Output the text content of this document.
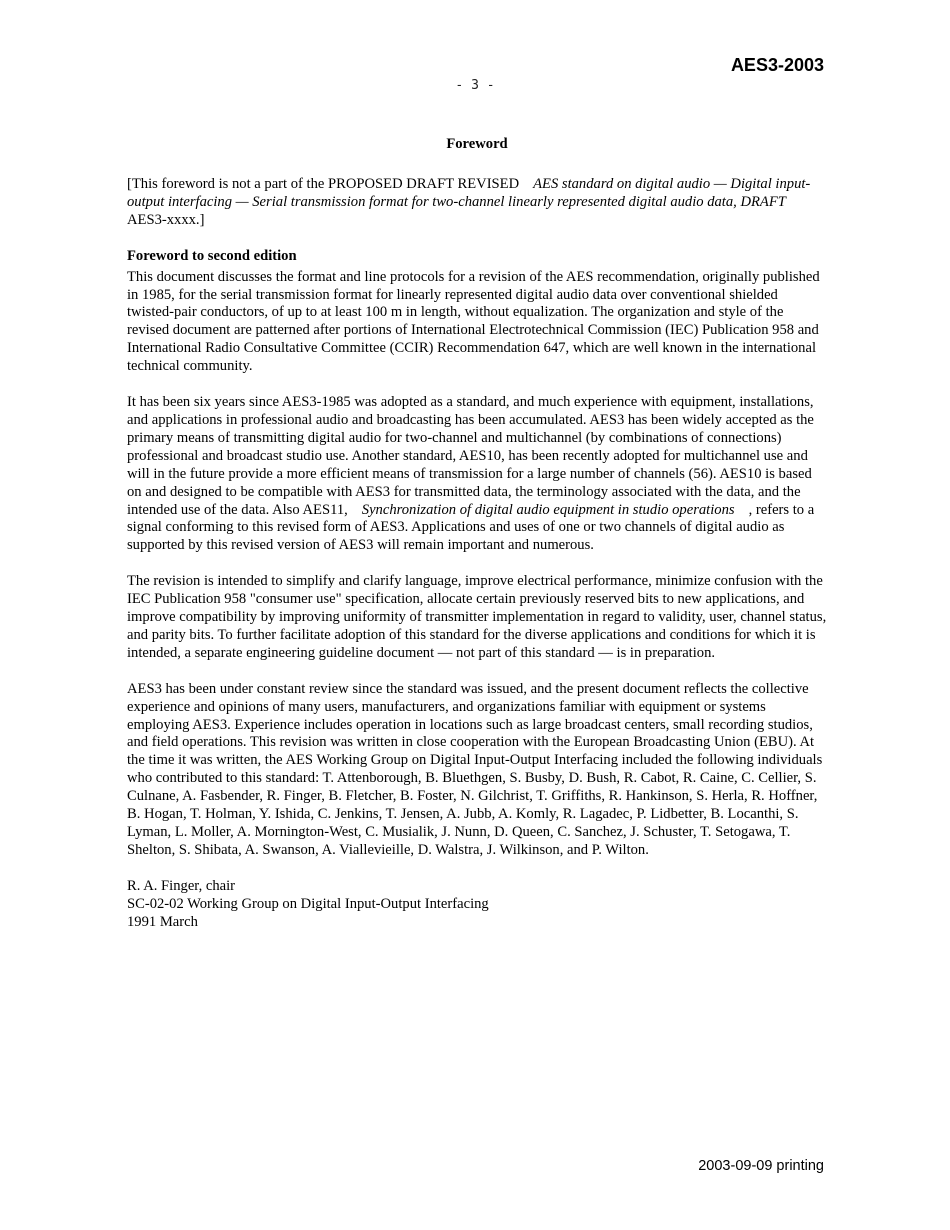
AES3-2003
- 3 -
Foreword

[This foreword is not a part of the PROPOSED DRAFT REVISED AES standard on digital audio — Digital input-output interfacing — Serial transmission format for two-channel linearly represented digital audio data, DRAFT AES3-xxxx.]

Foreword to second edition

This document discusses the format and line protocols for a revision of the AES recommendation, originally published in 1985, for the serial transmission format for linearly represented digital audio data over conventional shielded twisted-pair conductors, of up to at least 100 m in length, without equalization. The organization and style of the revised document are patterned after portions of International Electrotechnical Commission (IEC) Publication 958 and International Radio Consultative Committee (CCIR) Recommendation 647, which are well known in the international technical community.

It has been six years since AES3-1985 was adopted as a standard, and much experience with equipment, installations, and applications in professional audio and broadcasting has been accumulated. AES3 has been widely accepted as the primary means of transmitting digital audio for two-channel and multichannel (by combinations of connections) professional and broadcast studio use. Another standard, AES10, has been recently adopted for multichannel use and will in the future provide a more efficient means of transmission for a large number of channels (56). AES10 is based on and designed to be compatible with AES3 for transmitted data, the terminology associated with the data, and the intended use of the data. Also AES11, Synchronization of digital audio equipment in studio operations , refers to a signal conforming to this revised form of AES3. Applications and uses of one or two channels of digital audio as supported by this revised version of AES3 will remain important and numerous.

The revision is intended to simplify and clarify language, improve electrical performance, minimize confusion with the IEC Publication 958 "consumer use" specification, allocate certain previously reserved bits to new applications, and improve compatibility by improving uniformity of transmitter implementation in regard to validity, user, channel status, and parity bits. To further facilitate adoption of this standard for the diverse applications and conditions for which it is intended, a separate engineering guideline document — not part of this standard — is in preparation.

AES3 has been under constant review since the standard was issued, and the present document reflects the collective experience and opinions of many users, manufacturers, and organizations familiar with equipment or systems employing AES3. Experience includes operation in locations such as large broadcast centers, small recording studios, and field operations. This revision was written in close cooperation with the European Broadcasting Union (EBU). At the time it was written, the AES Working Group on Digital Input-Output Interfacing included the following individuals who contributed to this standard: T. Attenborough, B. Bluethgen, S. Busby, D. Bush, R. Cabot, R. Caine, C. Cellier, S. Culnane, A. Fasbender, R. Finger, B. Fletcher, B. Foster, N. Gilchrist, T. Griffiths, R. Hankinson, S. Herla, R. Hoffner, B. Hogan, T. Holman, Y. Ishida, C. Jenkins, T. Jensen, A. Jubb, A. Komly, R. Lagadec, P. Lidbetter, B. Locanthi, S. Lyman, L. Moller, A. Mornington-West, C. Musialik, J. Nunn, D. Queen, C. Sanchez, J. Schuster, T. Setogawa, T. Shelton, S. Shibata, A. Swanson, A. Viallevieille, D. Walstra, J. Wilkinson, and P. Wilton.

R. A. Finger, chair
SC-02-02 Working Group on Digital Input-Output Interfacing
1991 March
2003-09-09 printing
